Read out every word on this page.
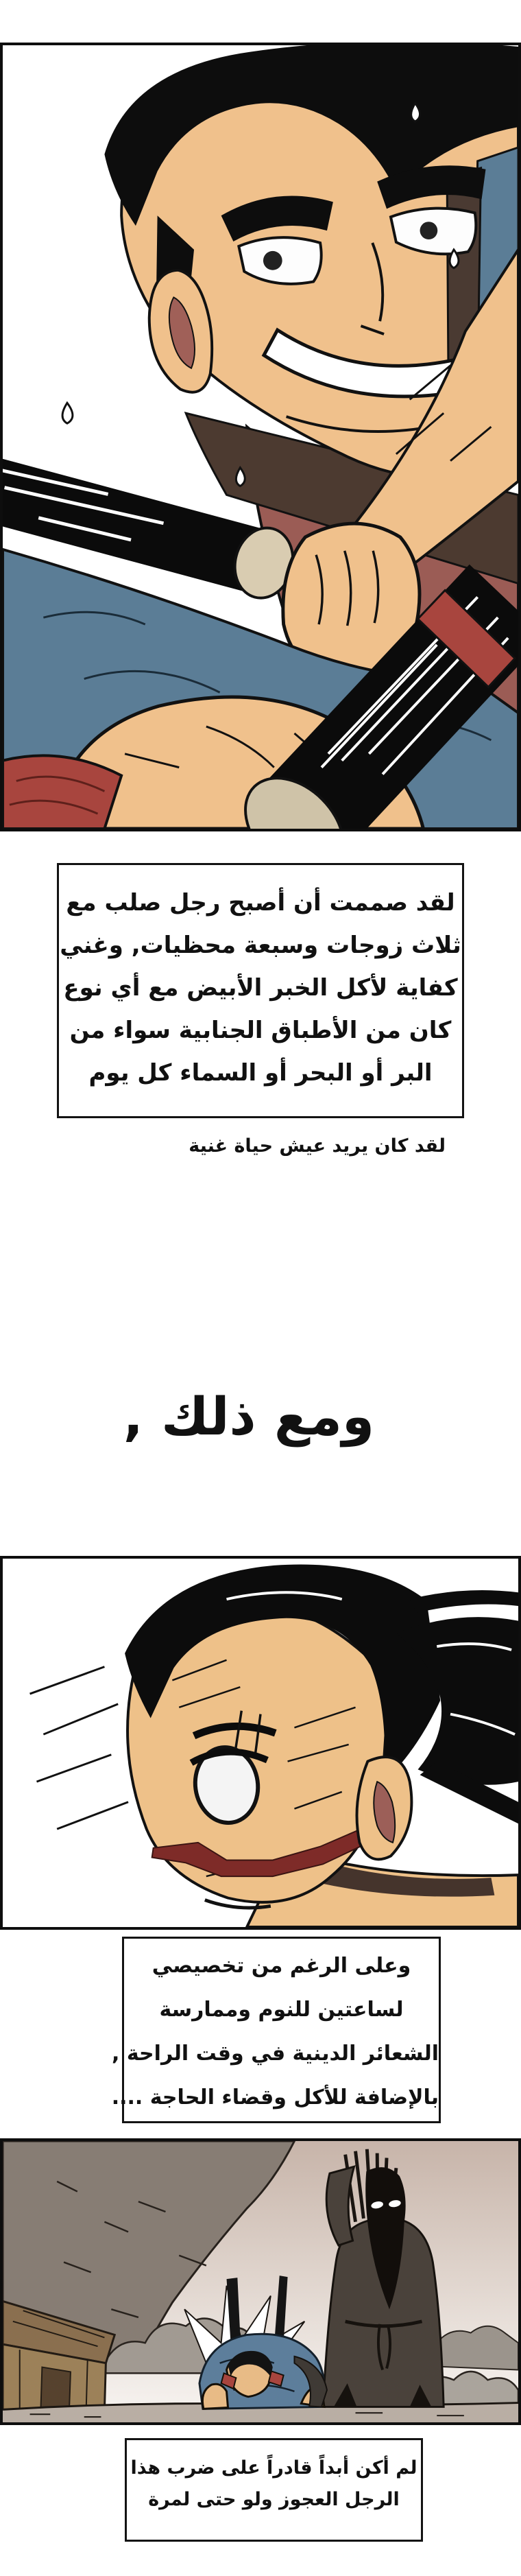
لقد صممت أن أصبح رجل صلب مع
ثلاث زوجات وسبعة محظيات, وغني
كفاية لأكل الخبر الأبيض مع أي نوع
كان من الأطباق الجنابية سواء من
البر أو البحر أو السماء كل يوم
لقد كان يريد عيش حياة غنية
ومع ذلك ,
وعلى الرغم من تخصيصي
لساعتين للنوم وممارسة
الشعائر الدينية في وقت الراحة ,
بالإضافة للأكل وقضاء الحاجة ....
لم أكن أبداً قادراً على ضرب هذا
الرجل العجوز ولو حتى لمرة
